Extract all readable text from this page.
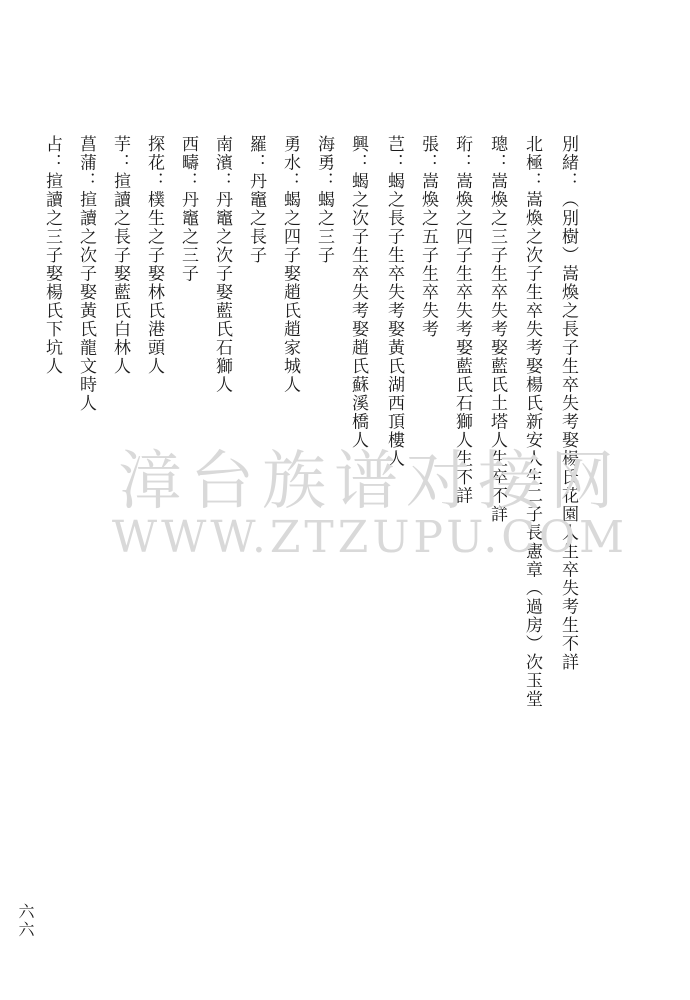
別緒：（別樹）嵩煥之長子生卒失考娶楊氏花園人生卒失考生不詳
北極：嵩煥之次子生卒失考娶楊氏新安人生二子長憲章（過房）次玉堂
璁：嵩煥之三子生卒失考娶藍氏土塔人生卒不詳
珩：嵩煥之四子生卒失考娶藍氏石獅人生不詳
張：嵩煥之五子生卒失考
芑：蝎之長子生卒失考娶黃氏湖西頂樓人
興：蝎之次子生卒失考娶趙氏蘇溪橋人
海勇：蝎之三子
勇水：蝎之四子娶趙氏趙家城人
羅：丹竈之長子
南濱：丹竈之次子娶藍氏石獅人
西疇：丹竈之三子
探花：樸生之子娶林氏港頭人
芋：揎讀之長子娶藍氏白林人
菖蒲：揎讀之次子娶黃氏龍文時人
占：揎讀之三子娶楊氏下坑人
漳台族谱对接网
WWW.ZTZUPU.COM
六六
